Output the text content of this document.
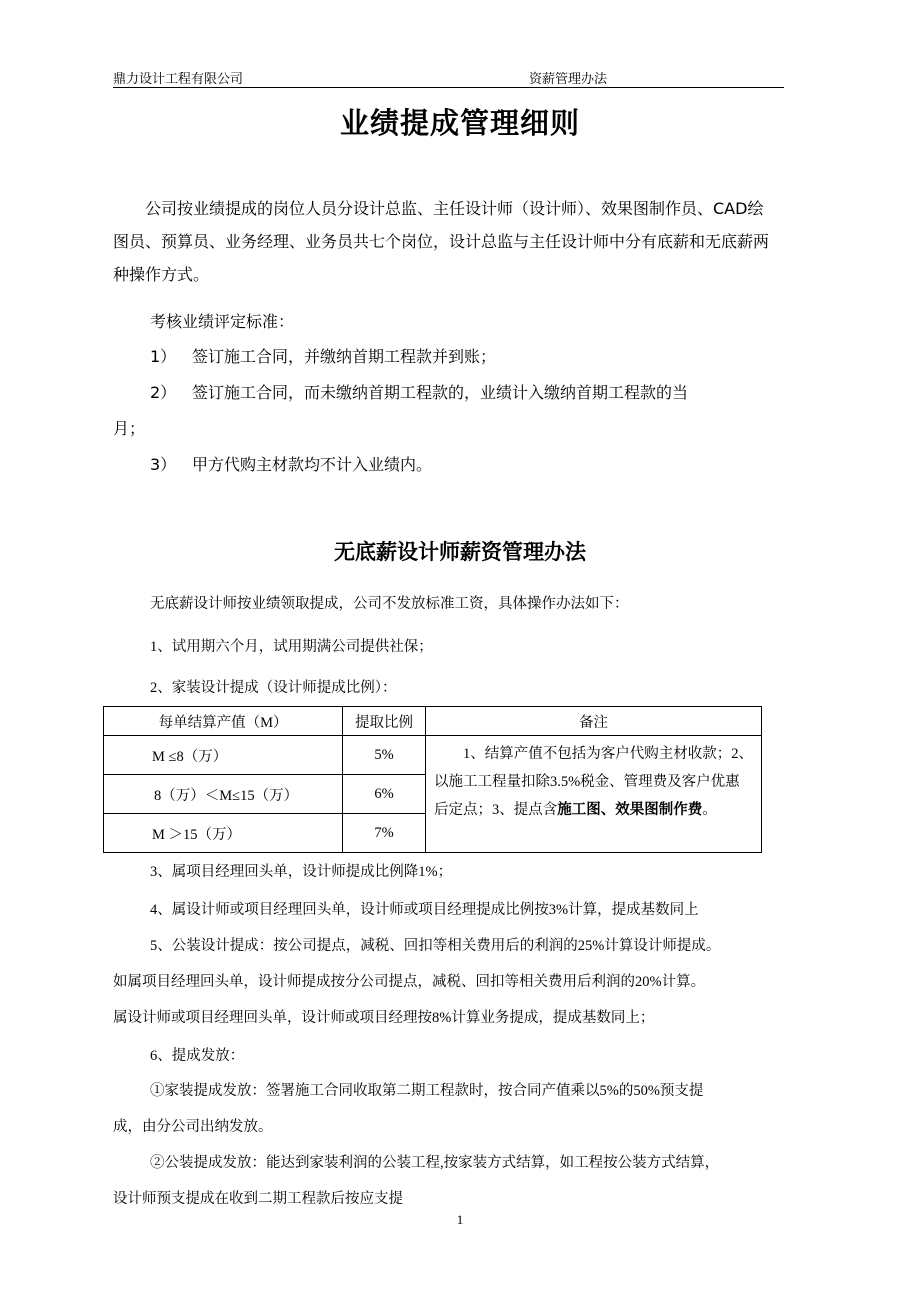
鼎力设计工程有限公司	资薪管理办法
业绩提成管理细则

公司按业绩提成的岗位人员分设计总监、主任设计师（设计师）、效果图制作员、CAD绘图员、预算员、业务经理、业务员共七个岗位，设计总监与主任设计师中分有底薪和无底薪两种操作方式。

考核业绩评定标准：
1） 签订施工合同，并缴纳首期工程款并到账；
2） 签订施工合同，而未缴纳首期工程款的，业绩计入缴纳首期工程款的当
月；
3） 甲方代购主材款均不计入业绩内。
无底薪设计师薪资管理办法
无底薪设计师按业绩领取提成，公司不发放标准工资，具体操作办法如下：
1、试用期六个月，试用期满公司提供社保；
2、家装设计提成（设计师提成比例）：
每单结算产值（M）	提取比例	备注
M ≤8（万）	5%	1、结算产值不包括为客户代购主材收款；2、以施工工程量扣除3.5%税金、管理费及客户优惠后定点；3、提点含施工图、效果图制作费。
8（万）＜M≤15（万）	6%	
M ＞15（万）	7%	
3、属项目经理回头单，设计师提成比例降1%；
4、属设计师或项目经理回头单，设计师或项目经理提成比例按3%计算，提成基数同上
5、公装设计提成：按公司提点，减税、回扣等相关费用后的利润的25%计算设计师提成。
如属项目经理回头单，设计师提成按分公司提点，减税、回扣等相关费用后利润的20%计算。
属设计师或项目经理回头单，设计师或项目经理按8%计算业务提成，提成基数同上；
6、提成发放：
①家装提成发放：签署施工合同收取第二期工程款时，按合同产值乘以5%的50%预支提
成，由分公司出纳发放。
②公装提成发放：能达到家装利润的公装工程,按家装方式结算，如工程按公装方式结算，
设计师预支提成在收到二期工程款后按应支提
1
